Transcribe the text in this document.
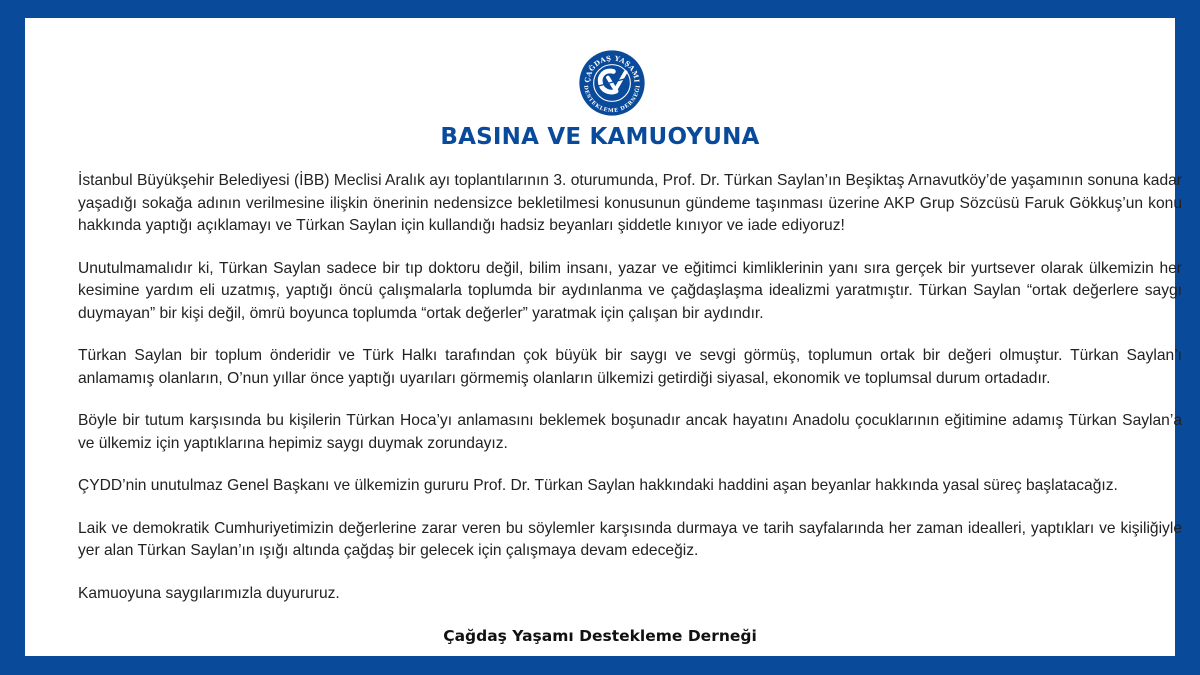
ÇAĞDAŞ YAŞAMI
DESTEKLEME DERNEĞİ
BASINA VE KAMUOYUNA

İstanbul Büyükşehir Belediyesi (İBB) Meclisi Aralık ayı toplantılarının 3. oturumunda, Prof. Dr. Türkan Saylan’ın Beşiktaş Arnavutköy’de yaşamının sonuna kadar yaşadığı sokağa adının verilmesine ilişkin önerinin nedensizce bekletilmesi konusunun gündeme taşınması üzerine AKP Grup Sözcüsü Faruk Gökkuş’un konu hakkında yaptığı açıklamayı ve Türkan Saylan için kullandığı hadsiz beyanları şiddetle kınıyor ve iade ediyoruz!

Unutulmamalıdır ki, Türkan Saylan sadece bir tıp doktoru değil, bilim insanı, yazar ve eğitimci kimliklerinin yanı sıra gerçek bir yurtsever olarak ülkemizin her kesimine yardım eli uzatmış, yaptığı öncü çalışmalarla toplumda bir aydınlanma ve çağdaşlaşma idealizmi yaratmıştır. Türkan Saylan “ortak değerlere saygı duymayan” bir kişi değil, ömrü boyunca toplumda “ortak değerler” yaratmak için çalışan bir aydındır.

Türkan Saylan bir toplum önderidir ve Türk Halkı tarafından çok büyük bir saygı ve sevgi görmüş, toplumun ortak bir değeri olmuştur. Türkan Saylan’ı anlamamış olanların, O’nun yıllar önce yaptığı uyarıları görmemiş olanların ülkemizi getirdiği siyasal, ekonomik ve toplumsal durum ortadadır.

Böyle bir tutum karşısında bu kişilerin Türkan Hoca’yı anlamasını beklemek boşunadır ancak hayatını Anadolu çocuklarının eğitimine adamış Türkan Saylan’a ve ülkemiz için yaptıklarına hepimiz saygı duymak zorundayız.

ÇYDD’nin unutulmaz Genel Başkanı ve ülkemizin gururu Prof. Dr. Türkan Saylan hakkındaki haddini aşan beyanlar hakkında yasal süreç başlatacağız.

Laik ve demokratik Cumhuriyetimizin değerlerine zarar veren bu söylemler karşısında durmaya ve tarih sayfalarında her zaman idealleri, yaptıkları ve kişiliğiyle yer alan Türkan Saylan’ın ışığı altında çağdaş bir gelecek için çalışmaya devam edeceğiz.

Kamuoyuna saygılarımızla duyururuz.

Çağdaş Yaşamı Destekleme Derneği
